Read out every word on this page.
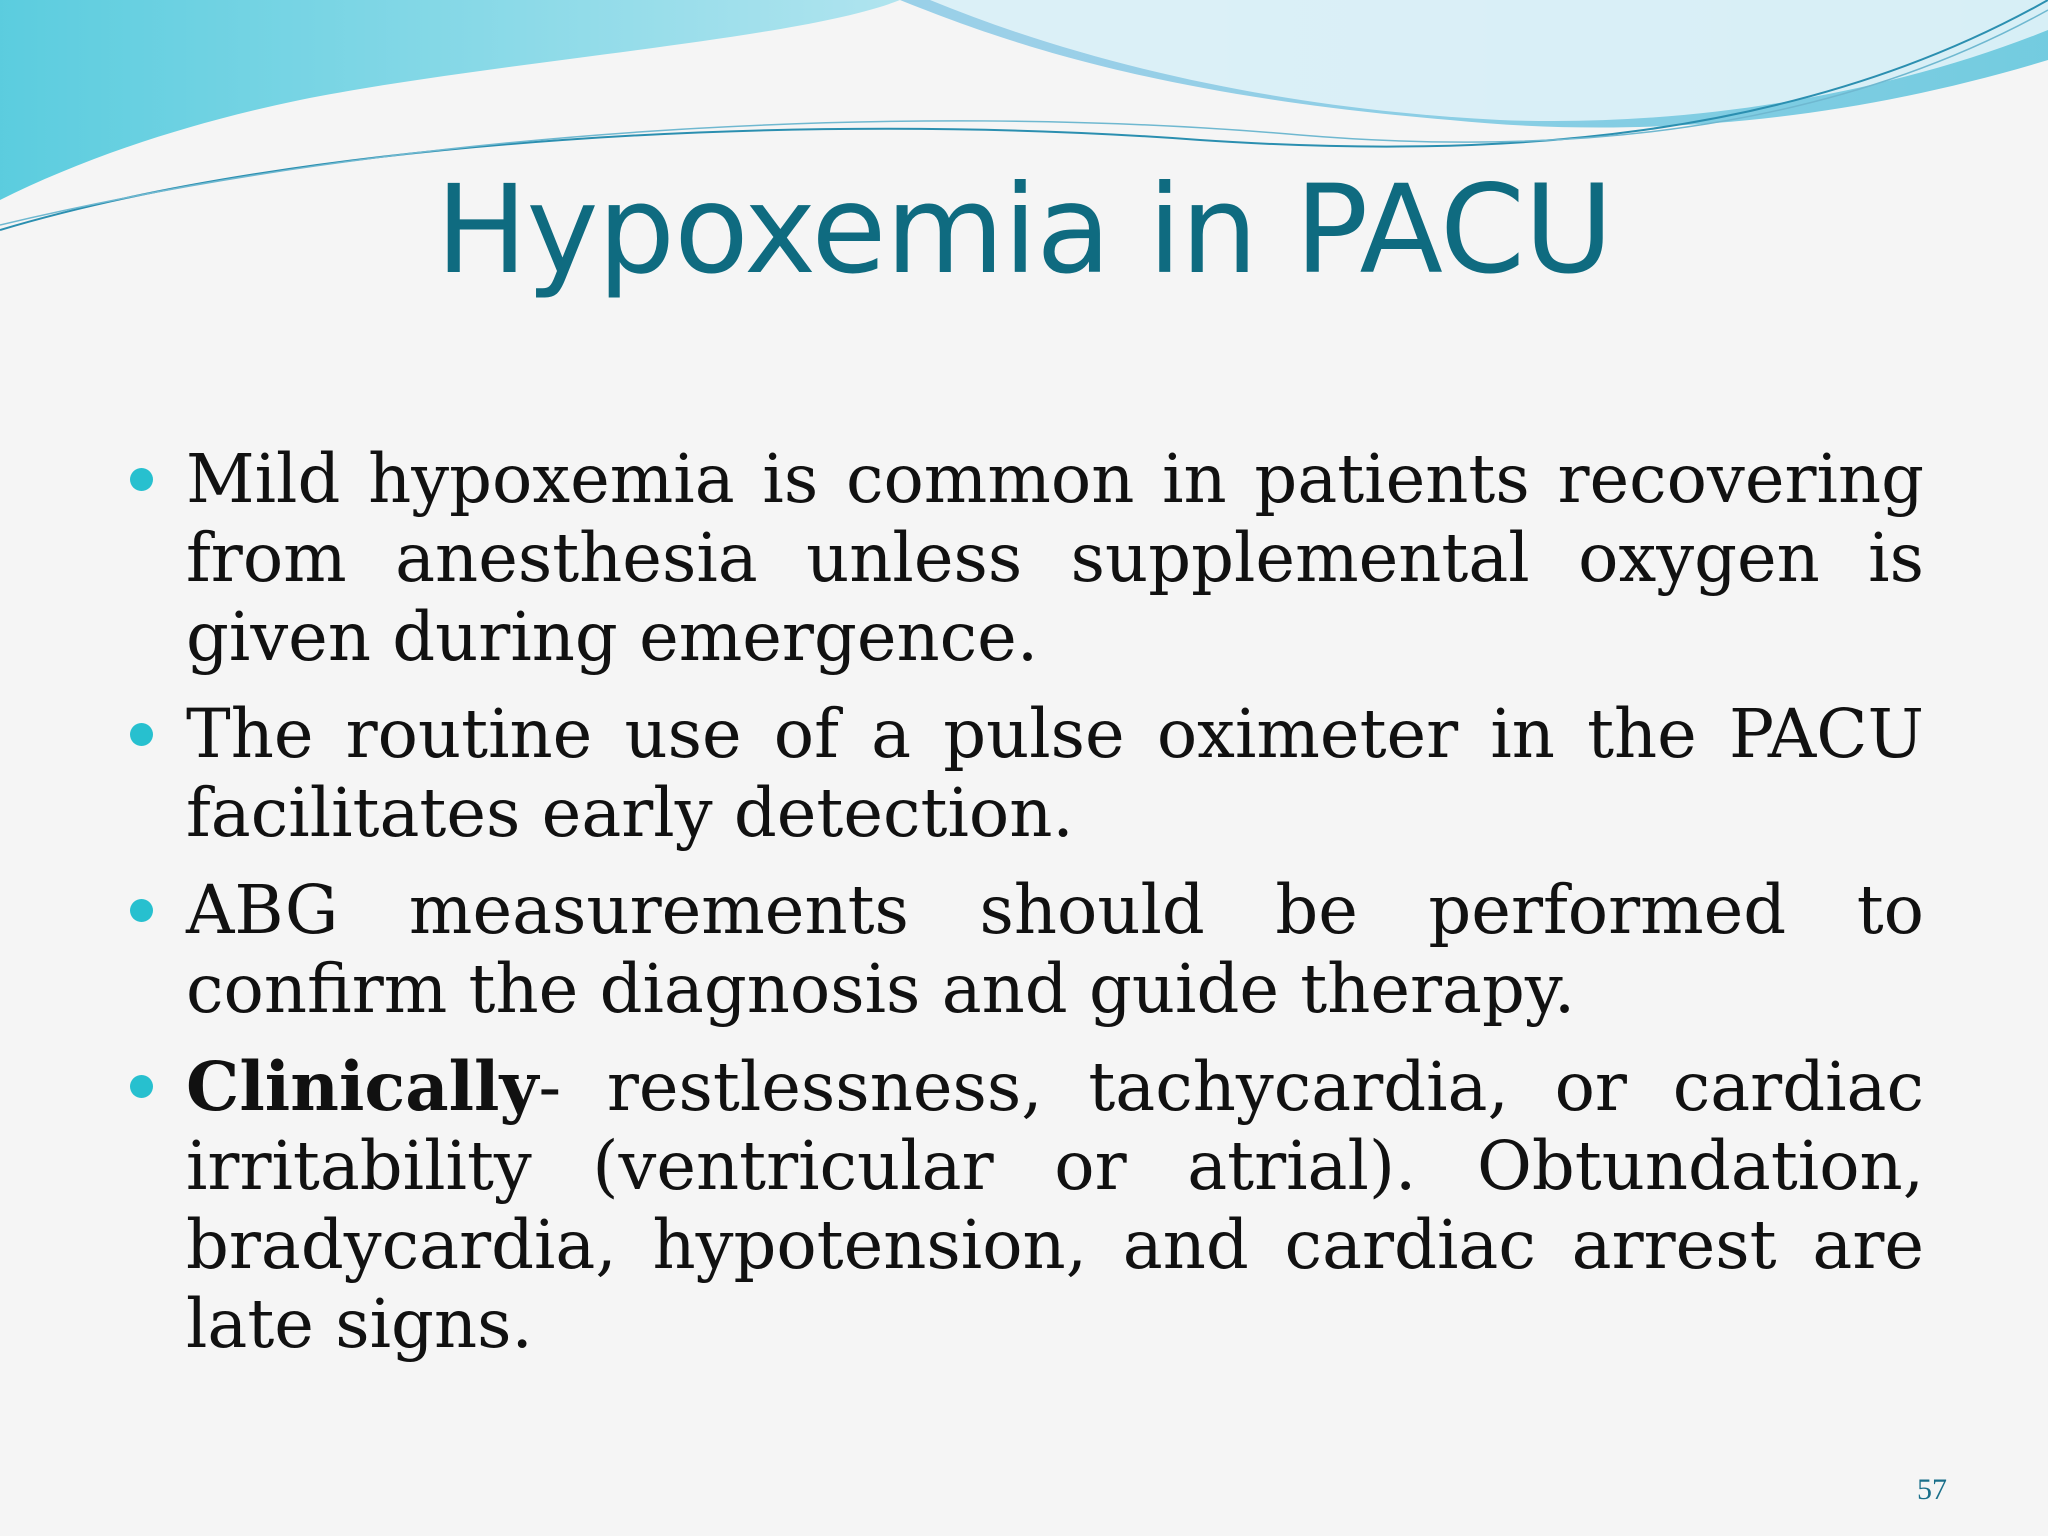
Hypoxemia in PACU
Mild hypoxemia is common in patients recovering from anesthesia unless supplemental oxygen is given during emergence.
The routine use of a pulse oximeter in the PACU facilitates early detection.
ABG measurements should be performed to confirm the diagnosis and guide therapy.
Clinically- restlessness, tachycardia, or cardiac irritability (ventricular or atrial). Obtundation, bradycardia, hypotension, and cardiac arrest are late signs.
57
